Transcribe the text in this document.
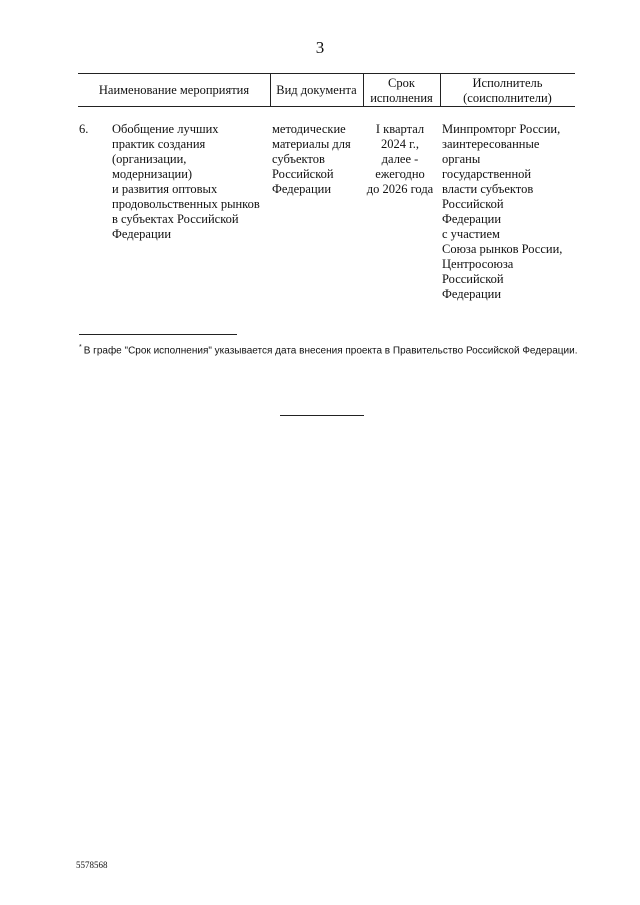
3
Наименование мероприятия	Вид документа	Срок
исполнения
Исполнитель
(соисполнители)
6. Обобщение лучших
практик создания
(организации,
модернизации)
и развития оптовых
продовольственных рынков
в субъектах Российской
Федерации
методические
материалы для
субъектов
Российской
Федерации
I квартал
2024 г.,
далее -
ежегодно
до 2026 года
Минпромторг России,
заинтересованные
органы
государственной
власти субъектов
Российской
Федерации
с участием
Союза рынков России,
Центросоюза
Российской
Федерации
* В графе "Срок исполнения" указывается дата внесения проекта в Правительство Российской Федерации.
5578568
